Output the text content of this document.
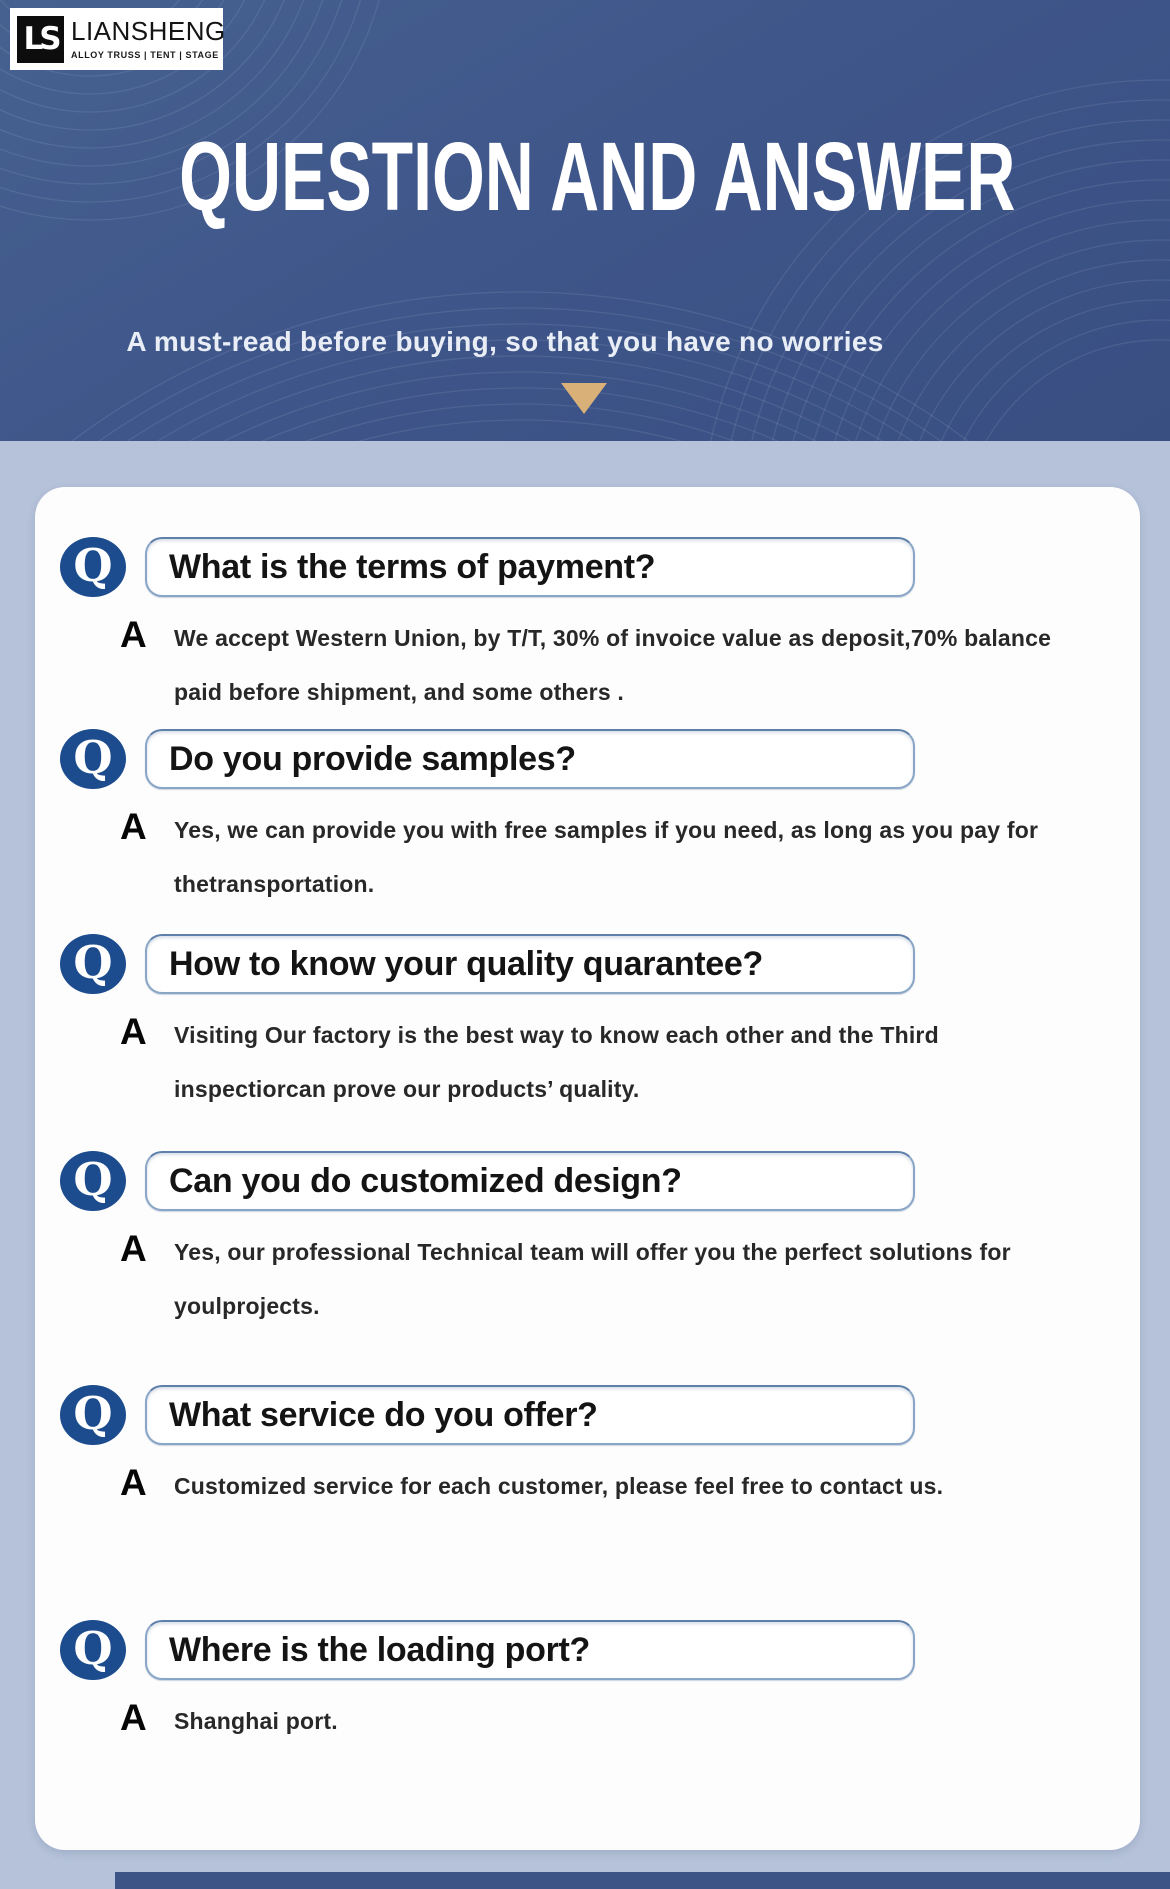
LS LIANSHENG
ALLOY TRUSS | TENT | STAGE
QUESTION AND ANSWER
A must-read before buying, so that you have no worries
Q	What is the terms of payment?
A	We accept Western Union, by T/T, 30% of invoice value as deposit,70% balance
paid before shipment, and some others .
Q	Do you provide samples?
A	Yes, we can provide you with free samples if you need, as long as you pay for
thetransportation.
Q	How to know your quality quarantee?
A	Visiting Our factory is the best way to know each other and the Third
inspectiorcan prove our products’ quality.
Q	Can you do customized design?
A	Yes, our professional Technical team will offer you the perfect solutions for
youlprojects.
Q	What service do you offer?
A	Customized service for each customer, please feel free to contact us.
Q	Where is the loading port?
A	Shanghai port.
